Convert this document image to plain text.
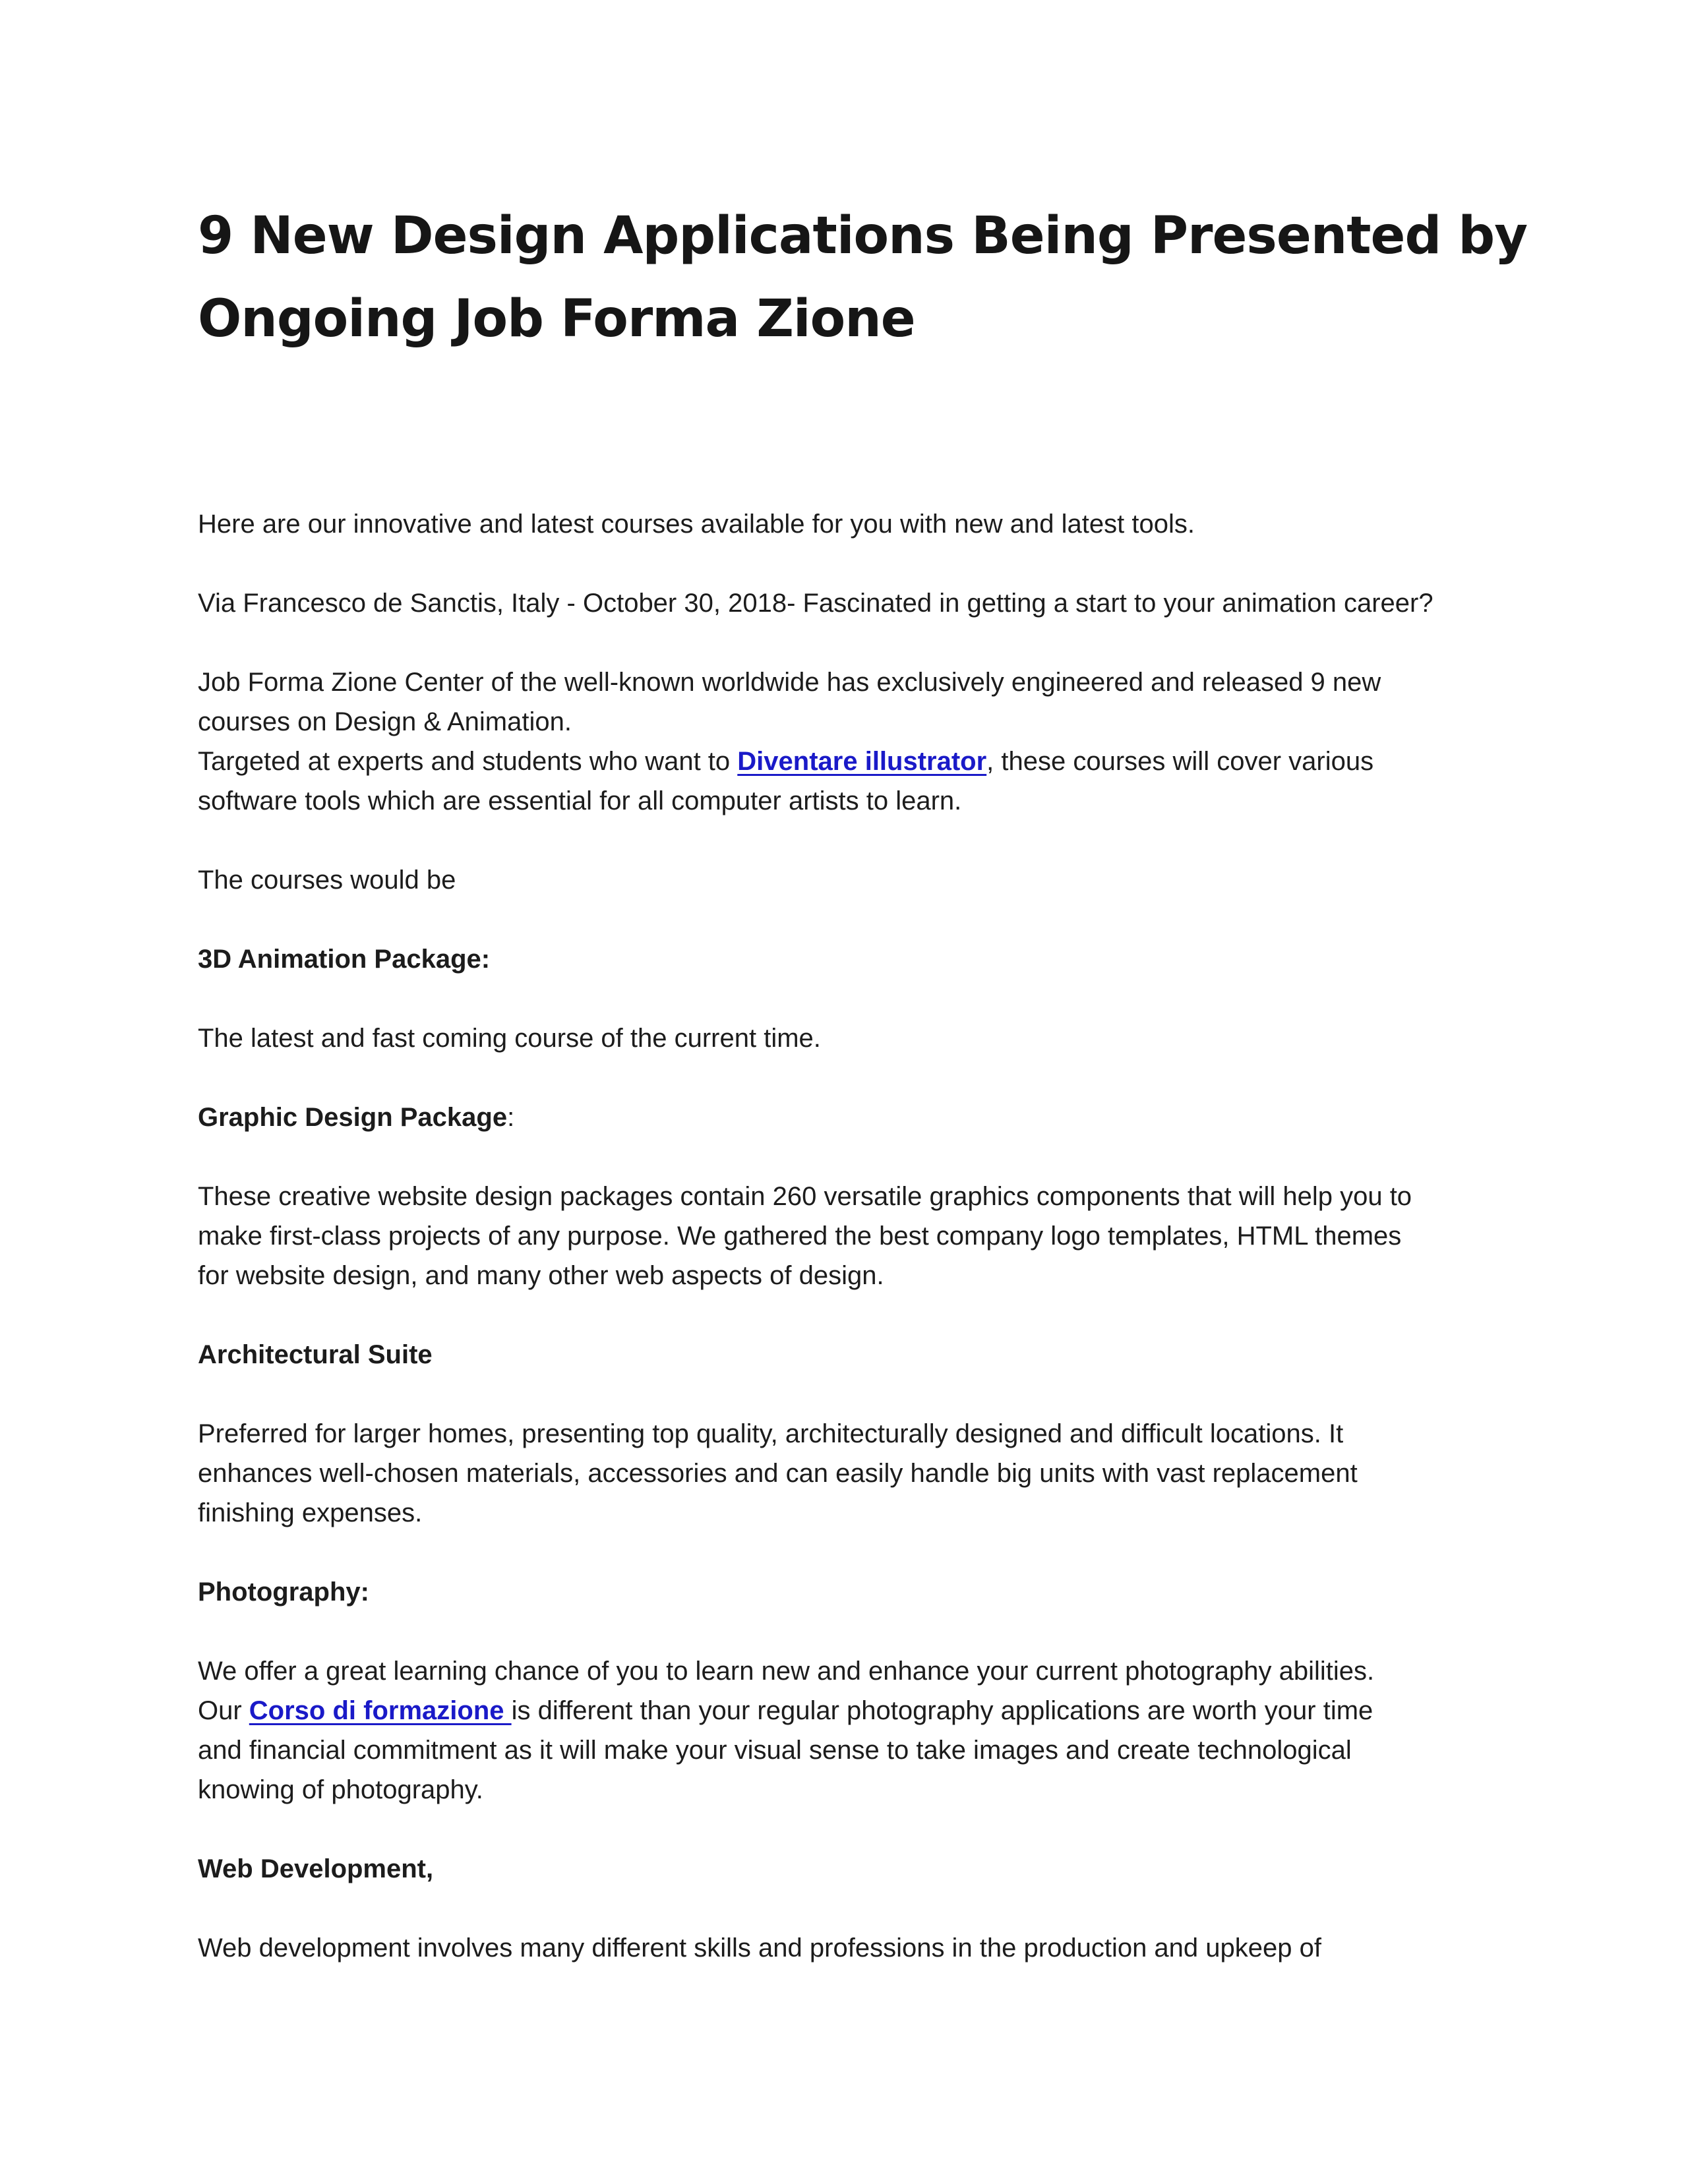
9 New Design Applications Being Presented by
Ongoing Job Forma Zione

Here are our innovative and latest courses available for you with new and latest tools.

Via Francesco de Sanctis, Italy - October 30, 2018- Fascinated in getting a start to your animation career?

Job Forma Zione Center of the well-known worldwide has exclusively engineered and released 9 new
courses on Design & Animation.
Targeted at experts and students who want to Diventare illustrator, these courses will cover various
software tools which are essential for all computer artists to learn.

The courses would be

3D Animation Package:

The latest and fast coming course of the current time.

Graphic Design Package:

These creative website design packages contain 260 versatile graphics components that will help you to
make first-class projects of any purpose. We gathered the best company logo templates, HTML themes
for website design, and many other web aspects of design.

Architectural Suite

Preferred for larger homes, presenting top quality, architecturally designed and difficult locations. It
enhances well-chosen materials, accessories and can easily handle big units with vast replacement
finishing expenses.

Photography:

We offer a great learning chance of you to learn new and enhance your current photography abilities.
Our Corso di formazione is different than your regular photography applications are worth your time
and financial commitment as it will make your visual sense to take images and create technological
knowing of photography.

Web Development,

Web development involves many different skills and professions in the production and upkeep of
